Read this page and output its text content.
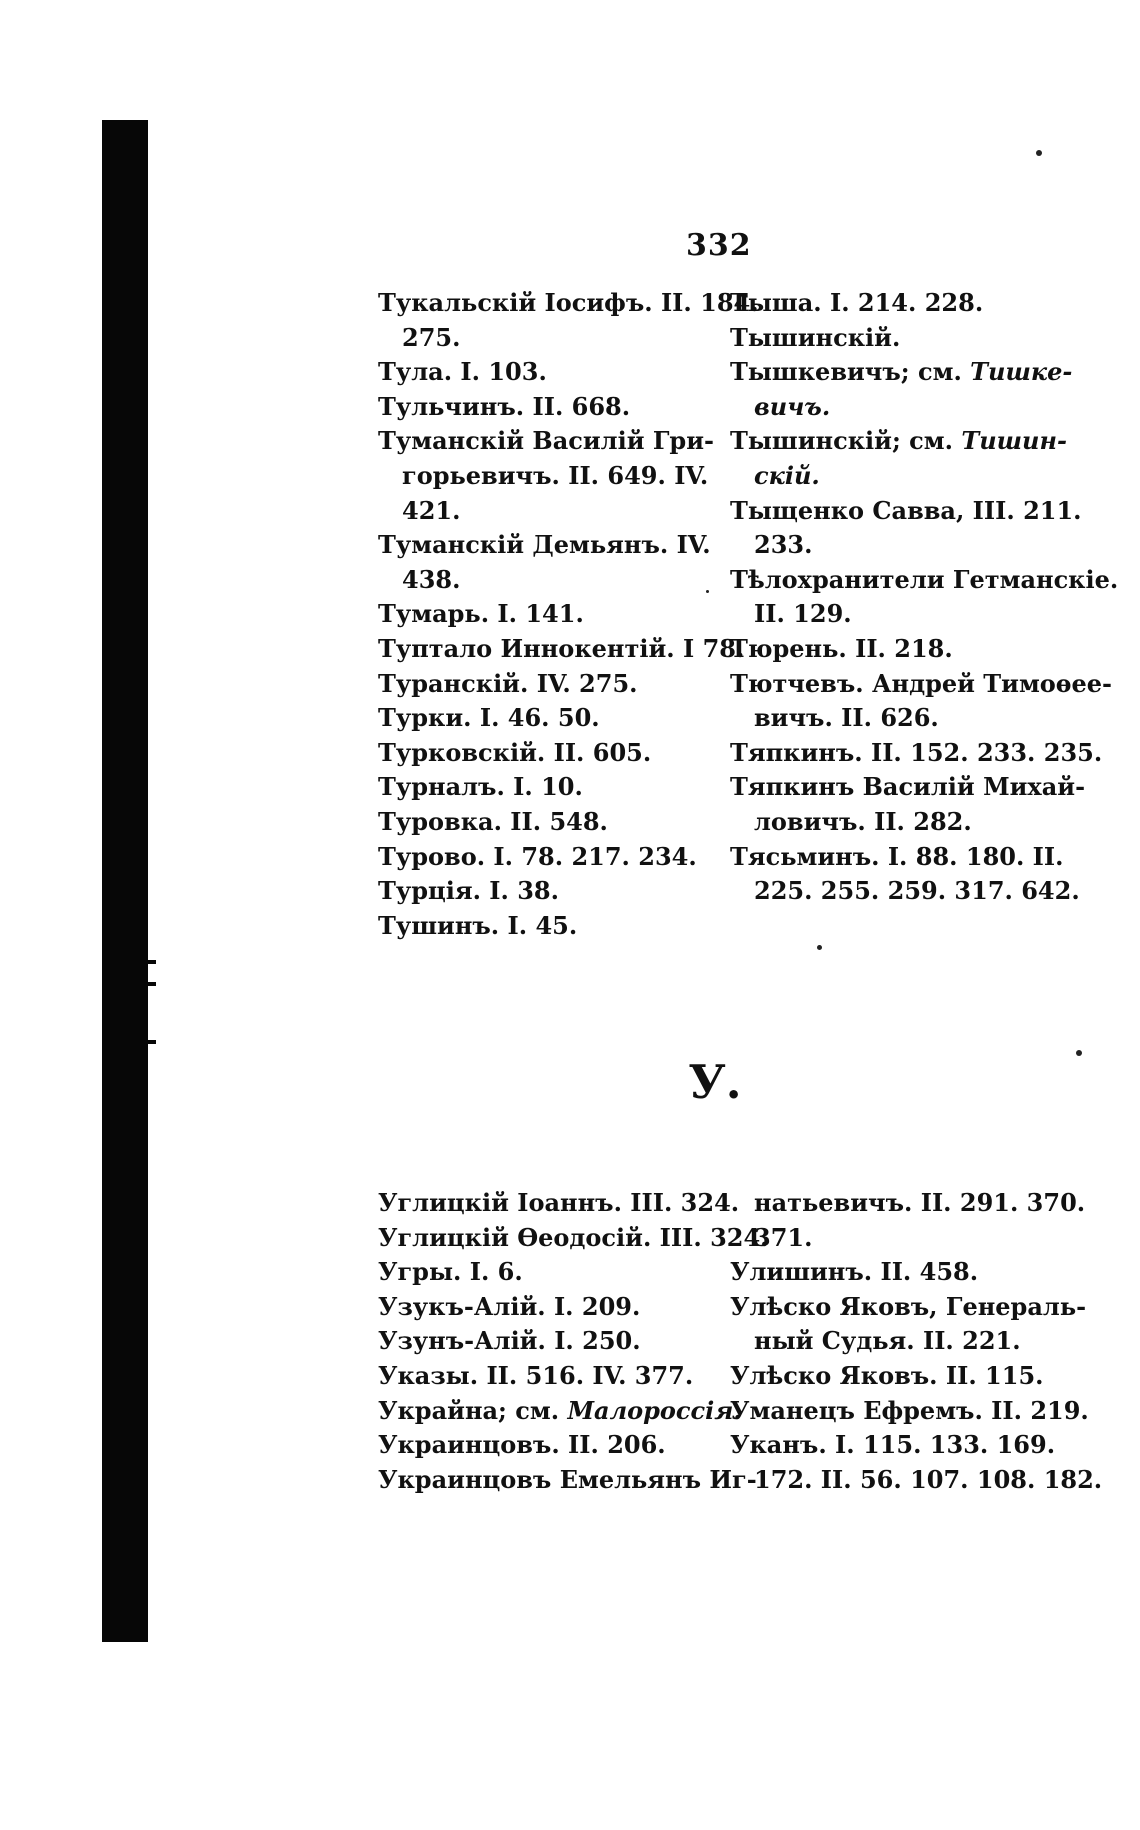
332
Тукальскій Іосифъ. II. 184.
275.
Тула. I. 103.
Тульчинъ. II. 668.
Туманскій Василій Гри-
горьевичъ. II. 649. IV.
421.
Туманскій Демьянъ. IV.
438.
Тумарь. I. 141.
Туптало Иннокентій. I 78.
Туранскій. IV. 275.
Турки. I. 46. 50.
Турковскій. II. 605.
Турналъ. I. 10.
Туровка. II. 548.
Турово. I. 78. 217. 234.
Турція. I. 38.
Тушинъ. I. 45.
Тыша. I. 214. 228.
Тышинскій.
Тышкевичъ; см. Тишке-
вичъ.
Тышинскій; см. Тишин-
скій.
Тыщенко Савва, III. 211.
233.
Тѣлохранители Гетманскіе.
II. 129.
Тюрень. II. 218.
Тютчевъ. Андрей Тимоѳее-
вичъ. II. 626.
Тяпкинъ. II. 152. 233. 235.
Тяпкинъ Василій Михай-
ловичъ. II. 282.
Тясьминъ. I. 88. 180. II.
225. 255. 259. 317. 642.
У.
Углицкій Іоаннъ. III. 324.
Углицкій Ѳеодосій. III. 324.
Угры. I. 6.
Узукъ-Алій. I. 209.
Узунъ-Алій. I. 250.
Указы. II. 516. IV. 377.
Украйна; см. Малороссія.
Украинцовъ. II. 206.
Украинцовъ Емельянъ Иг-
натьевичъ. II. 291. 370.
371.
Улишинъ. II. 458.
Улѣско Яковъ, Генераль-
ный Судья. II. 221.
Улѣско Яковъ. II. 115.
Уманецъ Ефремъ. II. 219.
Уканъ. I. 115. 133. 169.
172. II. 56. 107. 108. 182.
